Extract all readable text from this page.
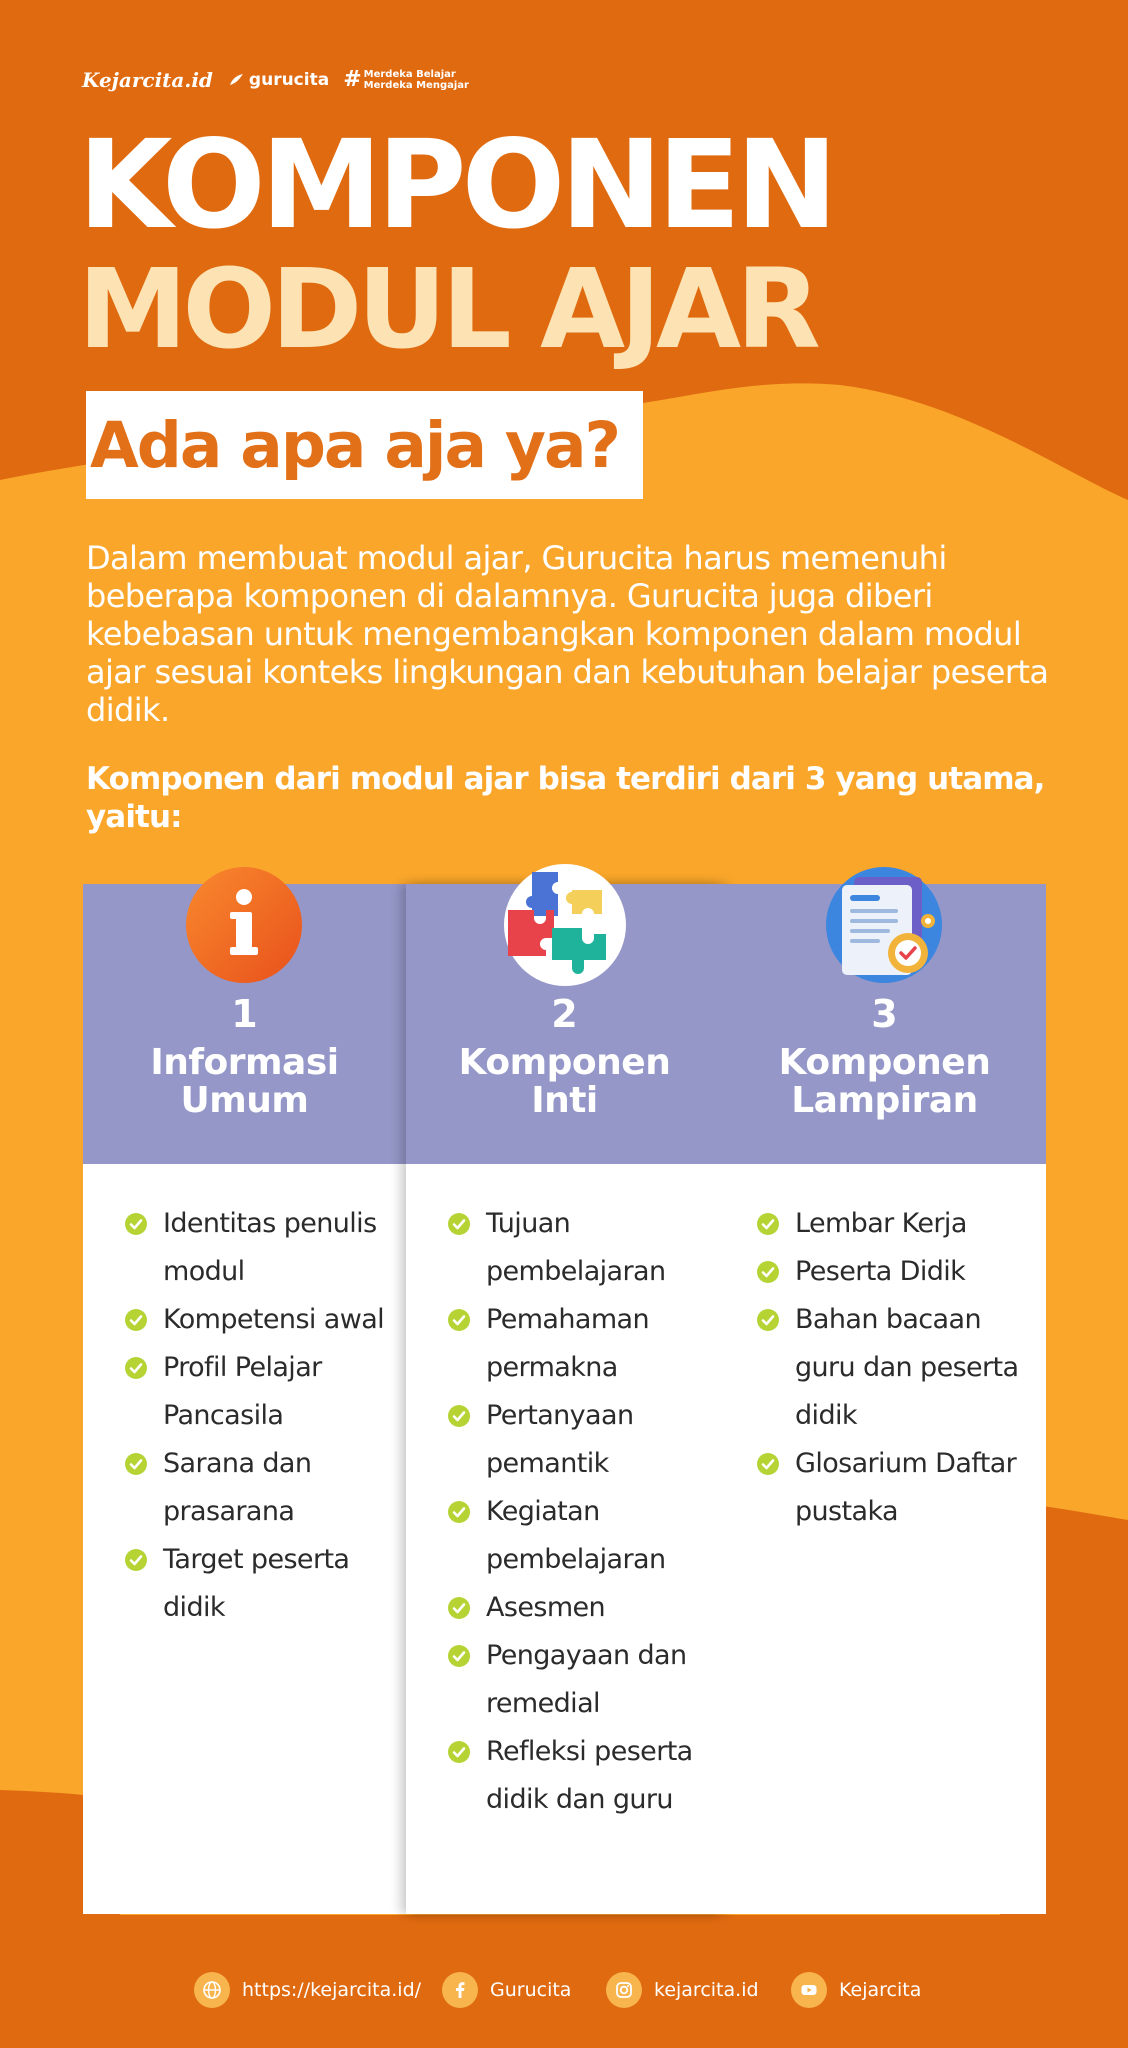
Kejarcita.id gurucita # Merdeka Belajar
Merdeka Mengajar
KOMPONEN
MODUL AJAR
Ada apa aja ya?

Dalam membuat modul ajar, Gurucita harus memenuhi beberapa komponen di dalamnya. Gurucita juga diberi kebebasan untuk mengembangkan komponen dalam modul ajar sesuai konteks lingkungan dan kebutuhan belajar peserta didik.

Komponen dari modul ajar bisa terdiri dari 3 yang utama, yaitu:

1
Informasi
Umum
Identitas penulis modul
Kompetensi awal
Profil Pelajar Pancasila
Sarana dan prasarana
Target peserta didik
2
Komponen
Inti
Tujuan pembelajaran
Pemahaman permakna
Pertanyaan pemantik
Kegiatan pembelajaran
Asesmen
Pengayaan dan remedial
Refleksi peserta didik dan guru
3
Komponen
Lampiran
Lembar Kerja
Peserta Didik
Bahan bacaan guru dan peserta didik
Glosarium Daftar pustaka
https://kejarcita.id/	Gurucita	kejarcita.id	Kejarcita
